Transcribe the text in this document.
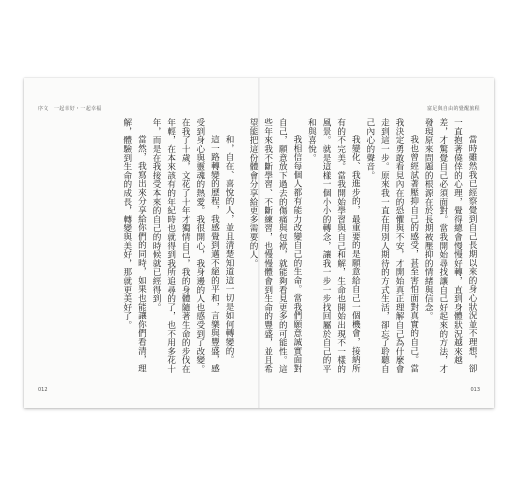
序文　一起幸好・一起幸福

和，自在、喜悅的人，並且清楚知道這一切是如何轉變的。

這一路轉變的歷程，我感覺到邁不絕的平和，言樂與豐盛，感受到身心與靈魂的熱愛。我很開心，我身邊的人也感受到了改變。在我了十歲，文花了十年才獨情自己，我的身體隨著生命的步伐在年輕，在本來該有的年紀時也就得到我所追尋的了，也不用多花十年，而是在我接受本來的自己的時候就已經得到。

當然，我寫出來分享給你們的同時，如果也能讓你們看清，理解，體驗到生命的成長，轉變與美好，那就更美好了。

012
富足與自由的覺醒旅程

當時雖然我已經察覺到自己長期以來的身心狀況並不理想，卻一直抱著僥倖的心理，覺得總會慢慢好轉，直到身體狀況越來越差，才驚覺自己必須面對。當我開始尋找讓自己好起來的方法，才發現原來問題的根源在於長期被壓抑的情緒與信念。

我也曾經試著壓抑自己的感受，甚至害怕面對真實的自己。當我決定勇敢看見內在的恐懼與不安，才開始真正理解自己為什麼會走到這一步。原來我一直在用別人期待的方式生活，卻忘了聆聽自己內心的聲音。

我變化、我進步的，最重要的是願意給自己一個機會，接納所有的不完美。當我開始學習與自己和解，生命也開始出現不一樣的風景。就是這樣一個小小的轉念，讓我一步一步找回屬於自己的平和與喜悅。

我相信每個人都有能力改變自己的生命。當我們願意誠實面對自己，願意放下過去的傷痛與包袱，就能夠看見更多的可能性。這些年來我不斷學習、不斷練習，也慢慢體會到生命的豐盛，並且希望能把這份體會分享給更多需要的人。

013
